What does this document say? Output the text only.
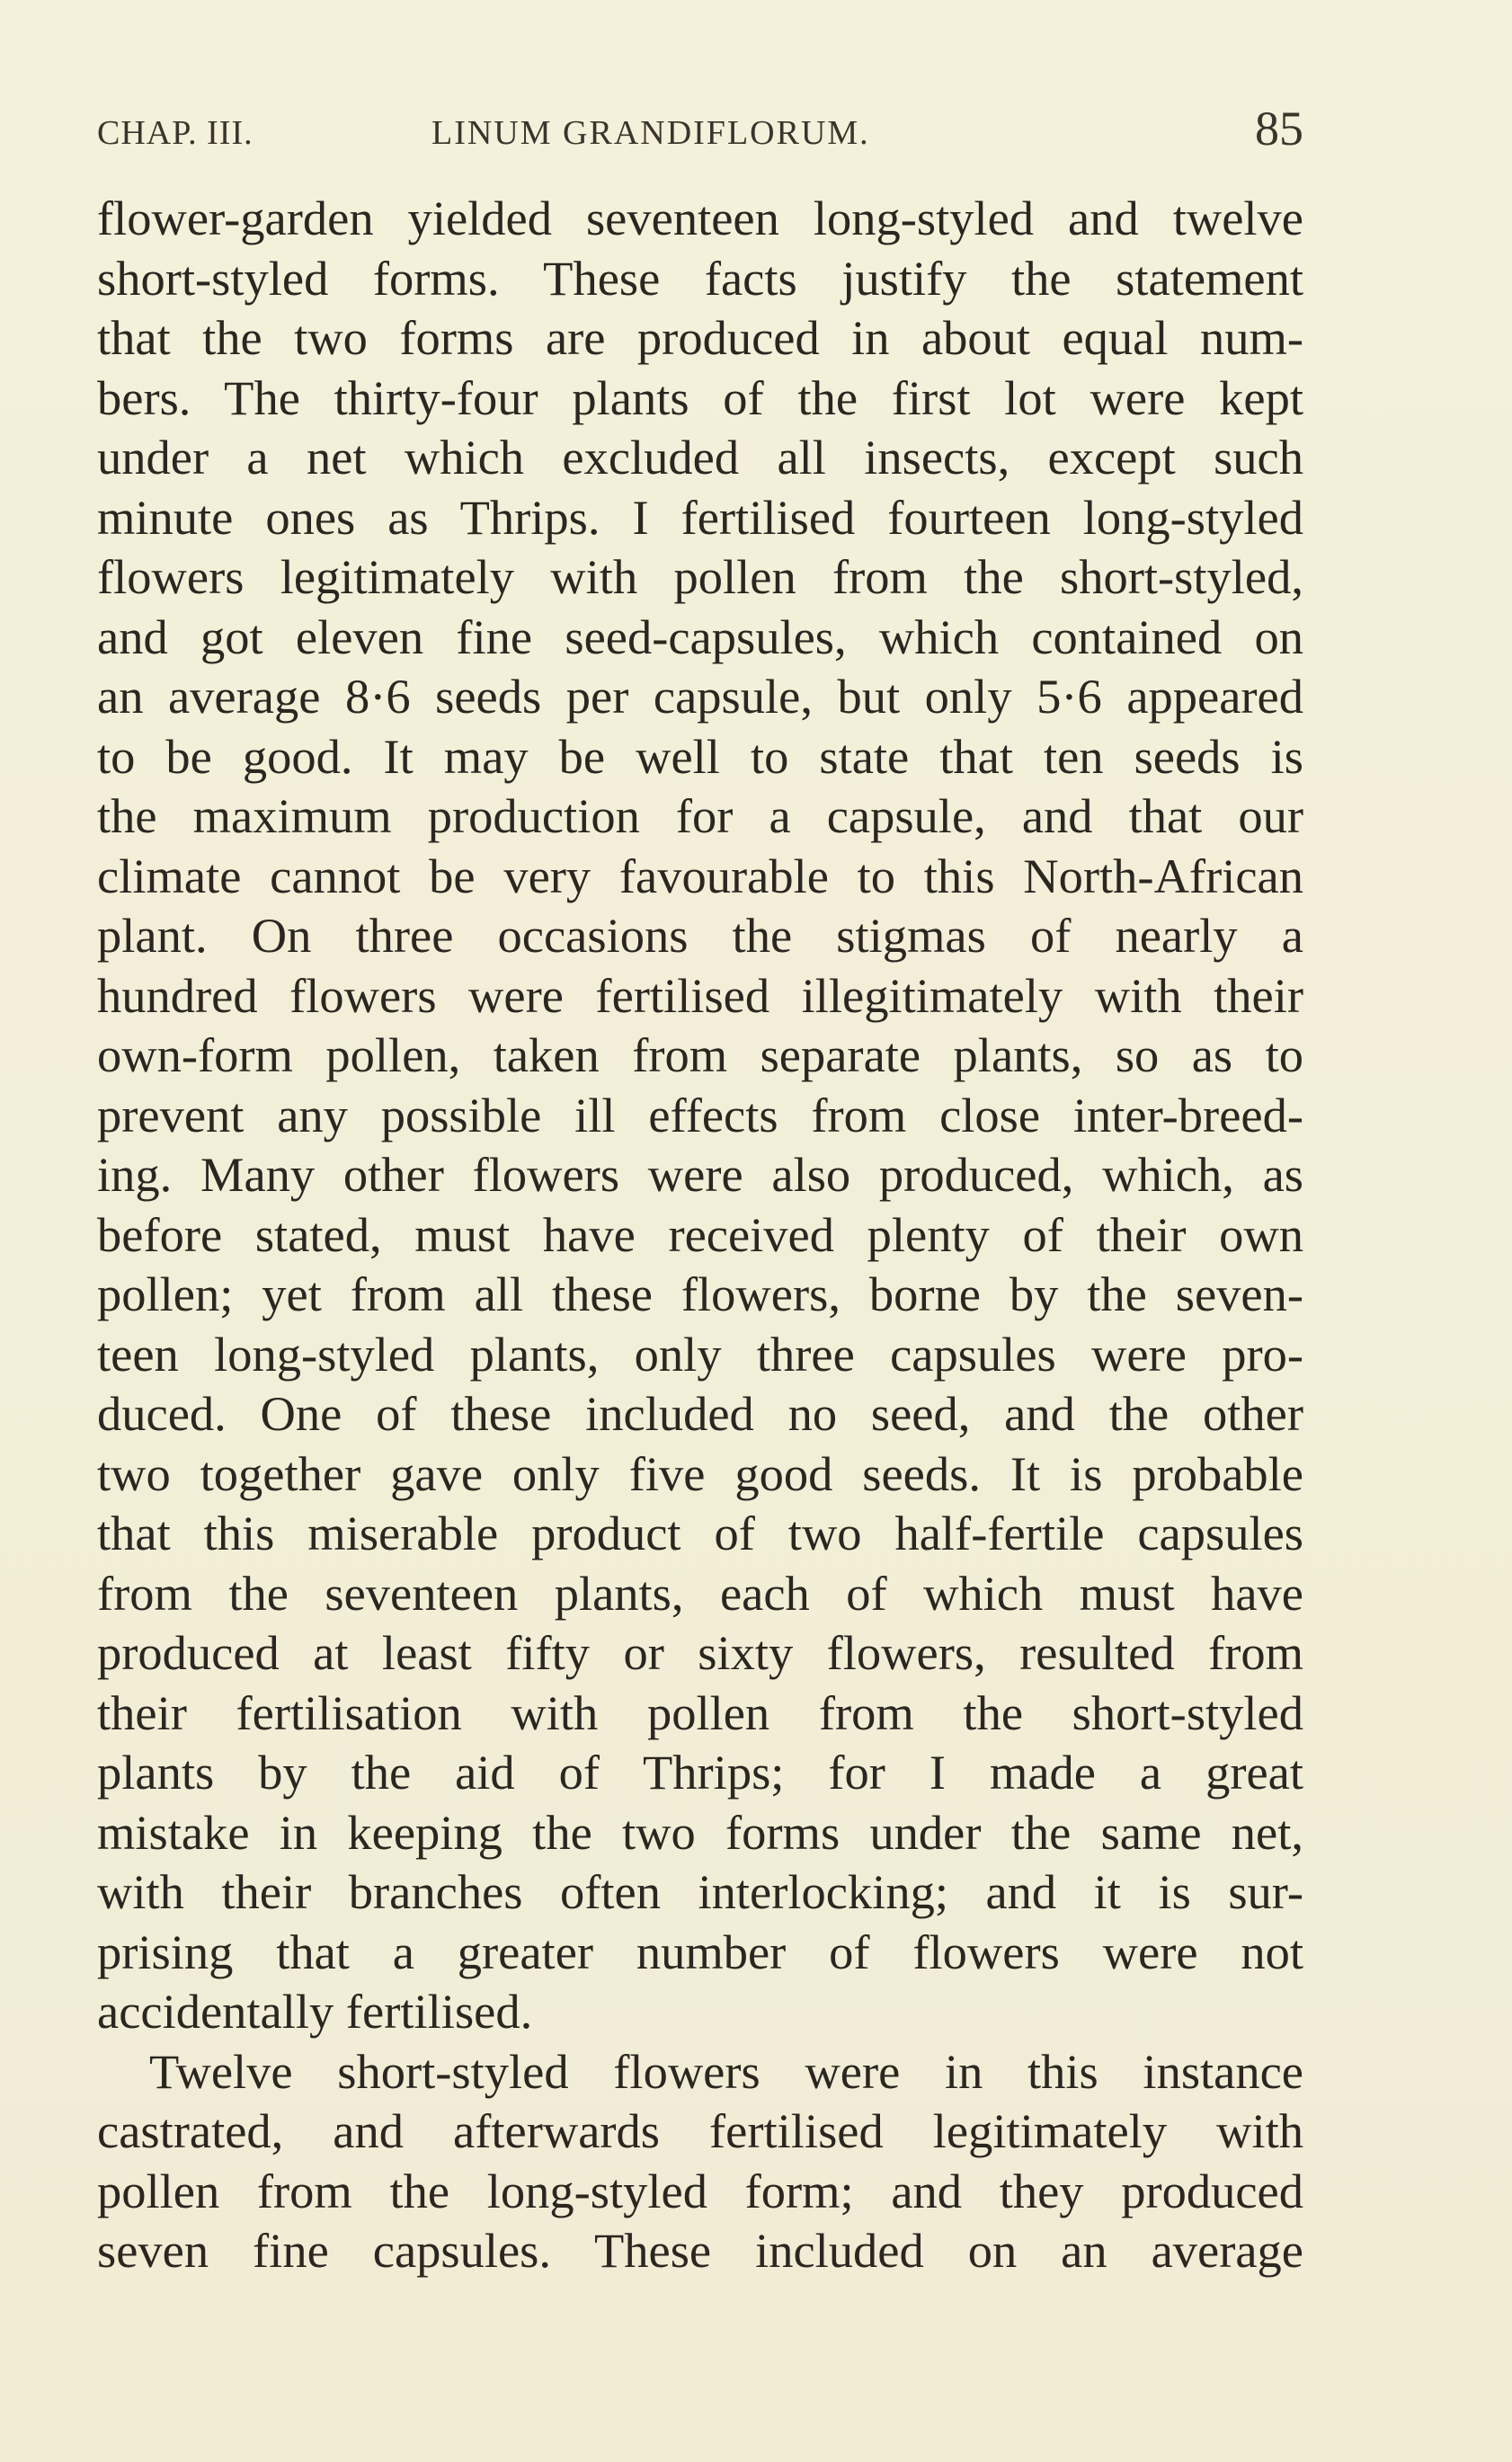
CHAP. III.	LINUM GRANDIFLORUM.	85
flower-garden yielded seventeen long-styled and twelve
short-styled forms. These facts justify the statement
that the two forms are produced in about equal num-
bers. The thirty-four plants of the first lot were kept
under a net which excluded all insects, except such
minute ones as Thrips. I fertilised fourteen long-styled
flowers legitimately with pollen from the short-styled,
and got eleven fine seed-capsules, which contained on
an average 8·6 seeds per capsule, but only 5·6 appeared
to be good. It may be well to state that ten seeds is
the maximum production for a capsule, and that our
climate cannot be very favourable to this North-African
plant. On three occasions the stigmas of nearly a
hundred flowers were fertilised illegitimately with their
own-form pollen, taken from separate plants, so as to
prevent any possible ill effects from close inter-breed-
ing. Many other flowers were also produced, which, as
before stated, must have received plenty of their own
pollen; yet from all these flowers, borne by the seven-
teen long-styled plants, only three capsules were pro-
duced. One of these included no seed, and the other
two together gave only five good seeds. It is probable
that this miserable product of two half-fertile capsules
from the seventeen plants, each of which must have
produced at least fifty or sixty flowers, resulted from
their fertilisation with pollen from the short-styled
plants by the aid of Thrips; for I made a great
mistake in keeping the two forms under the same net,
with their branches often interlocking; and it is sur-
prising that a greater number of flowers were not
accidentally fertilised.
Twelve short-styled flowers were in this instance
castrated, and afterwards fertilised legitimately with
pollen from the long-styled form; and they produced
seven fine capsules. These included on an average
